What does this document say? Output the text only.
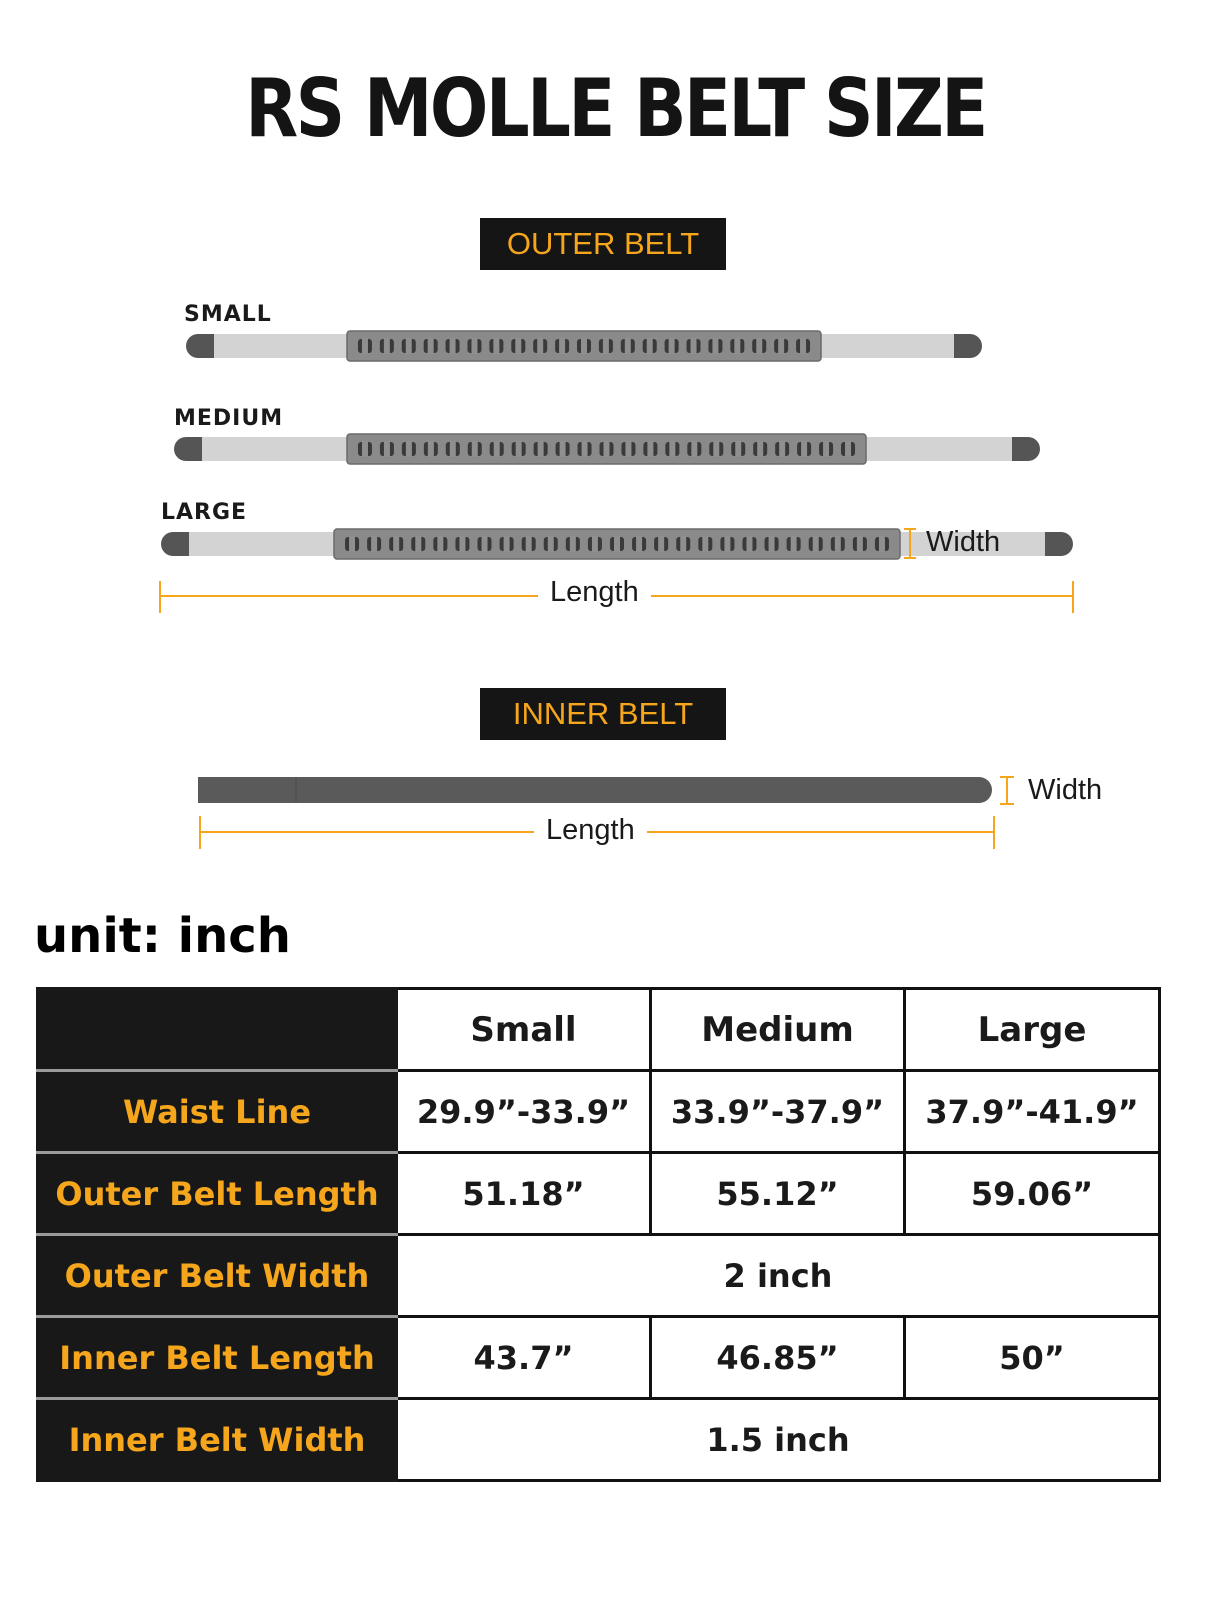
RS MOLLE BELT SIZE
OUTER BELT
SMALL
MEDIUM
LARGE
Width
Length
INNER BELT
Width
Length
unit: inch
	Small	Medium	Large
Waist Line	29.9”-33.9”	33.9”-37.9”	37.9”-41.9”
Outer Belt Length	51.18”	55.12”	59.06”
Outer Belt Width	2 inch		
Inner Belt Length	43.7”	46.85”	50”
Inner Belt Width	1.5 inch		
